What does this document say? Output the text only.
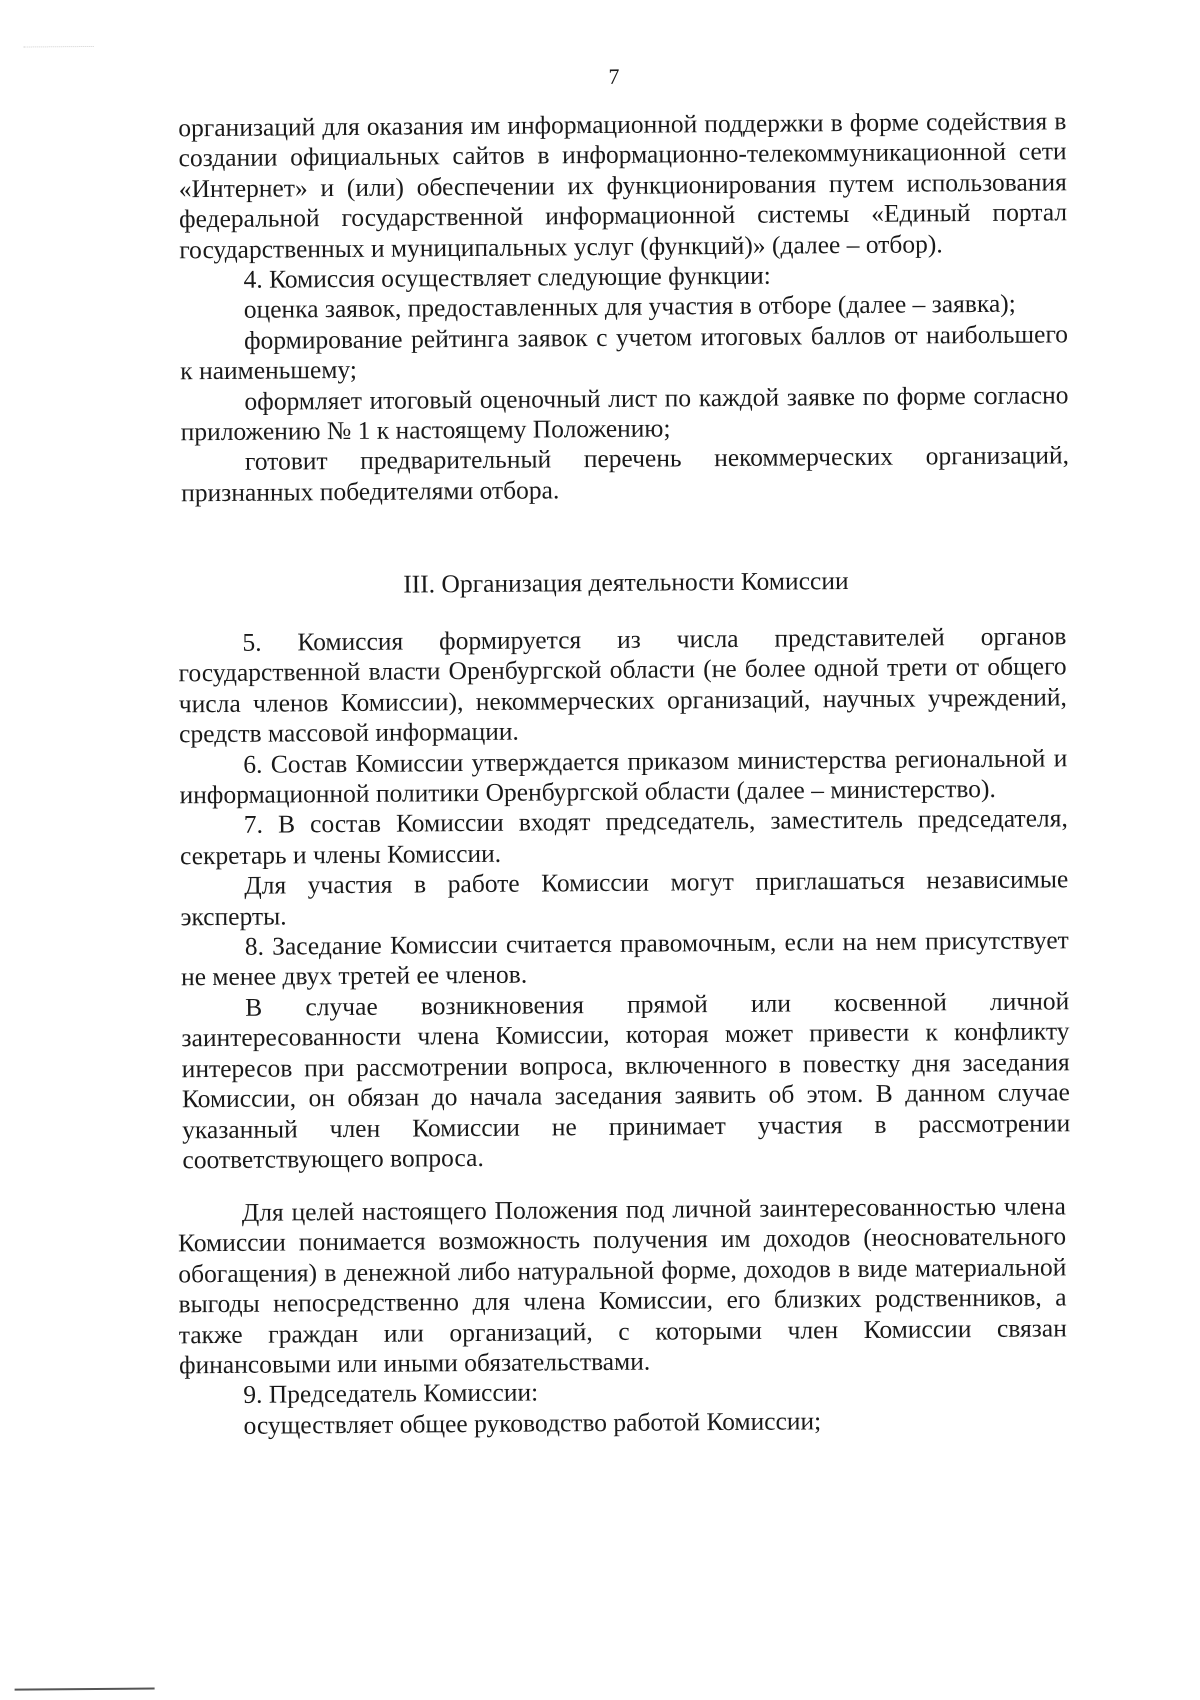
7

организаций для оказания им информационной поддержки в форме содействия в создании официальных сайтов в информационно-телекоммуникационной сети «Интернет» и (или) обеспечении их функционирования путем использования федеральной государственной информационной системы «Единый портал государственных и муниципальных услуг (функций)» (далее – отбор).

4. Комиссия осуществляет следующие функции:

оценка заявок, предоставленных для участия в отборе (далее – заявка);

формирование рейтинга заявок с учетом итоговых баллов от наибольшего к наименьшему;

оформляет итоговый оценочный лист по каждой заявке по форме согласно приложению № 1 к настоящему Положению;

готовит предварительный перечень некоммерческих организаций, признанных победителями отбора.

III. Организация деятельности Комиссии

5. Комиссия формируется из числа представителей органов государственной власти Оренбургской области (не более одной трети от общего числа членов Комиссии), некоммерческих организаций, научных учреждений, средств массовой информации.

6. Состав Комиссии утверждается приказом министерства региональной и информационной политики Оренбургской области (далее – министерство).

7. В состав Комиссии входят председатель, заместитель председателя, секретарь и члены Комиссии.

Для участия в работе Комиссии могут приглашаться независимые эксперты.

8. Заседание Комиссии считается правомочным, если на нем присутствует не менее двух третей ее членов.

В случае возникновения прямой или косвенной личной заинтересованности члена Комиссии, которая может привести к конфликту интересов при рассмотрении вопроса, включенного в повестку дня заседания Комиссии, он обязан до начала заседания заявить об этом. В данном случае указанный член Комиссии не принимает участия в рассмотрении соответствующего вопроса.

Для целей настоящего Положения под личной заинтересованностью члена Комиссии понимается возможность получения им доходов (неосновательного обогащения) в денежной либо натуральной форме, доходов в виде материальной выгоды непосредственно для члена Комиссии, его близких родственников, а также граждан или организаций, с которыми член Комиссии связан финансовыми или иными обязательствами.

9. Председатель Комиссии:

осуществляет общее руководство работой Комиссии;
